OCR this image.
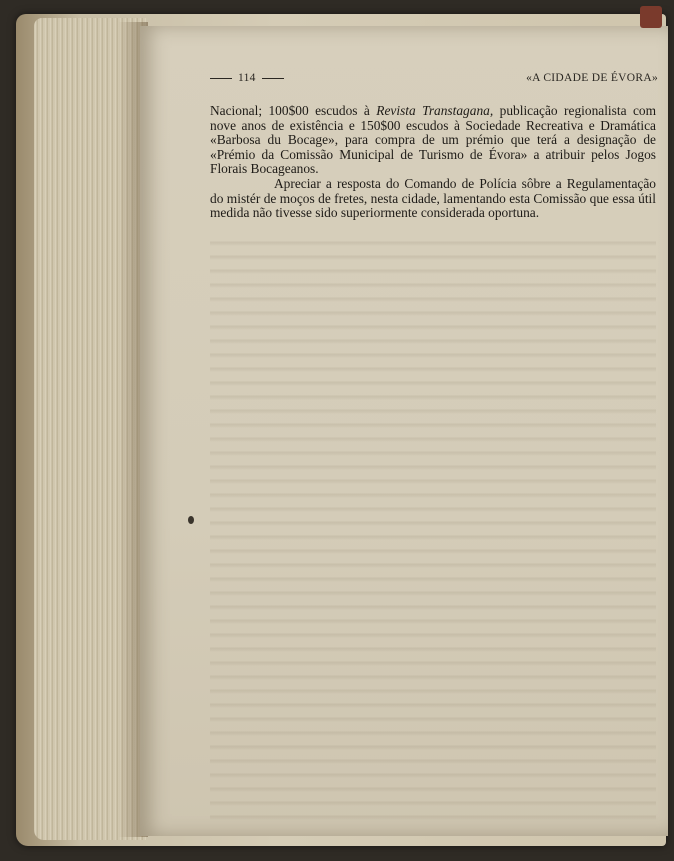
114	«A CIDADE DE ÉVORA»

Nacional; 100$00 escudos à Revista Transtagana, publicação regionalista com nove anos de existência e 150$00 escudos à Sociedade Recreativa e Dramática «Barbosa du Bocage», para compra de um prémio que terá a designação de «Prémio da Comissão Municipal de Turismo de Évora» a atribuir pelos Jogos Florais Bocageanos.

Apreciar a resposta do Comando de Polícia sôbre a Regulamentação do mistér de moços de fretes, nesta cidade, lamentando esta Comissão que essa útil medida não tivesse sido superiormente considerada oportuna.
